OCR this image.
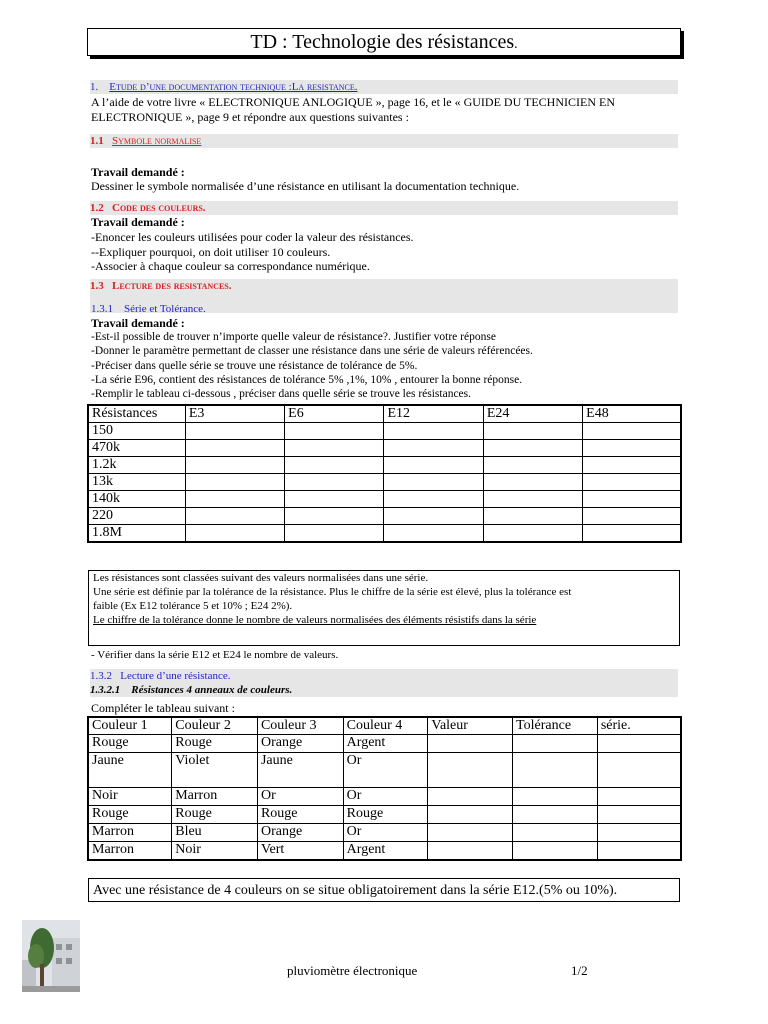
TD : Technologie des résistances.
1. Etude d’une documentation technique :La resistance.
A l’aide de votre livre « ELECTRONIQUE ANLOGIQUE », page 16, et le « GUIDE DU TECHNICIEN EN
ELECTRONIQUE », page 9 et répondre aux questions suivantes :
1.1 Symbole normalise
Travail demandé :
Dessiner le symbole normalisée d’une résistance en utilisant la documentation technique.
1.2 Code des couleurs.
Travail demandé :
-Enoncer les couleurs utilisées pour coder la valeur des résistances.
--Expliquer pourquoi, on doit utiliser 10 couleurs.
-Associer à chaque couleur sa correspondance numérique.
1.3 Lecture des resistances.
1.3.1 Série et Tolérance.
Travail demandé :
-Est-il possible de trouver n’importe quelle valeur de résistance?. Justifier votre réponse
-Donner le paramètre permettant de classer une résistance dans une série de valeurs référencées.
-Préciser dans quelle série se trouve une résistance de tolérance de 5%.
-La série E96, contient des résistances de tolérance 5% ,1%, 10% , entourer la bonne réponse.
-Remplir le tableau ci-dessous , préciser dans quelle série se trouve les résistances.
Résistances	E3	E6	E12	E24	E48
150					
470k					
1.2k					
13k					
140k					
220					
1.8M					
Les résistances sont classées suivant des valeurs normalisées dans une série.
Une série est définie par la tolérance de la résistance. Plus le chiffre de la série est élevé, plus la tolérance est
faible (Ex E12 tolérance 5 et 10% ; E24 2%).
Le chiffre de la tolérance donne le nombre de valeurs normalisées des éléments résistifs dans la série
- Vérifier dans la série E12 et E24 le nombre de valeurs.
1.3.2 Lecture d’une résistance.
1.3.2.1 Résistances 4 anneaux de couleurs.
Compléter le tableau suivant :
Couleur 1	Couleur 2	Couleur 3	Couleur 4	Valeur	Tolérance	série.
Rouge	Rouge	Orange	Argent			
Jaune	Violet	Jaune	Or			
Noir	Marron	Or	Or			
Rouge	Rouge	Rouge	Rouge			
Marron	Bleu	Orange	Or			
Marron	Noir	Vert	Argent			
Avec une résistance de 4 couleurs on se situe obligatoirement dans la série E12.(5% ou 10%).
pluviomètre électronique	1/2
